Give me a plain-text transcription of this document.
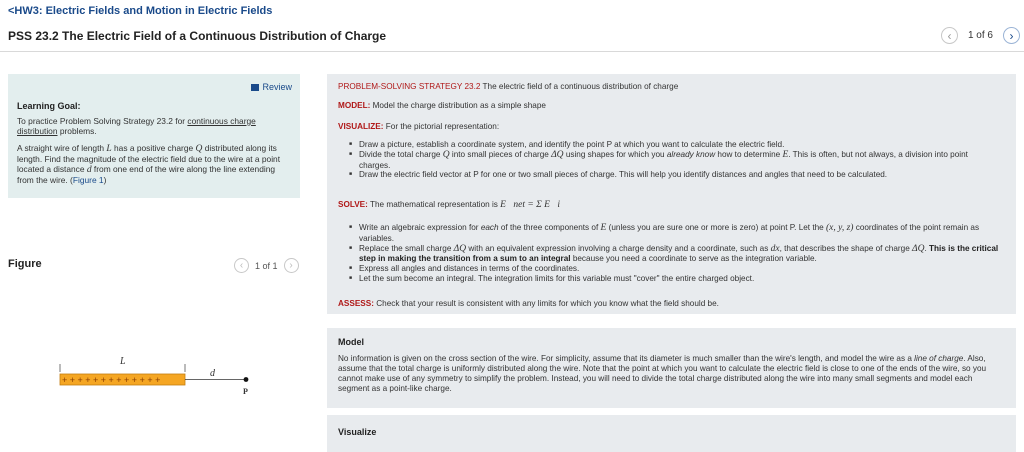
<HW3: Electric Fields and Motion in Electric Fields
PSS 23.2 The Electric Field of a Continuous Distribution of Charge	‹	1 of 6	›
Review
Learning Goal:
To practice Problem Solving Strategy 23.2 for continuous charge distribution problems.
A straight wire of length L has a positive charge Q distributed along its length. Find the magnitude of the electric field due to the wire at a point located a distance d from one end of the wire along the line extending from the wire. (Figure 1)
Figure	‹	1 of 1	›
L
+ + + + + + + + + + + + +
d
P
PROBLEM-SOLVING STRATEGY 23.2 The electric field of a continuous distribution of charge
MODEL: Model the charge distribution as a simple shape
VISUALIZE: For the pictorial representation:
■ Draw a picture, establish a coordinate system, and identify the point P at which you want to calculate the electric field.
■ Divide the total charge Q into small pieces of charge ΔQ using shapes for which you already know how to determine E. This is often, but not always, a division into point charges.
■ Draw the electric field vector at P for one or two small pieces of charge. This will help you identify distances and angles that need to be calculated.
SOLVE: The mathematical representation is E⃗net = Σ E⃗i
■ Write an algebraic expression for each of the three components of E (unless you are sure one or more is zero) at point P. Let the (x, y, z) coordinates of the point remain as variables.
■ Replace the small charge ΔQ with an equivalent expression involving a charge density and a coordinate, such as dx, that describes the shape of charge ΔQ. This is the critical step in making the transition from a sum to an integral because you need a coordinate to serve as the integration variable.
■ Express all angles and distances in terms of the coordinates.
■ Let the sum become an integral. The integration limits for this variable must "cover" the entire charged object.
ASSESS: Check that your result is consistent with any limits for which you know what the field should be.
Model
No information is given on the cross section of the wire. For simplicity, assume that its diameter is much smaller than the wire's length, and model the wire as a line of charge. Also, assume that the total charge is uniformly distributed along the wire. Note that the point at which you want to calculate the electric field is close to one of the ends of the wire, so you cannot make use of any symmetry to simplify the problem. Instead, you will need to divide the total charge distributed along the wire into many small segments and model each segment as a point-like charge.
Visualize
